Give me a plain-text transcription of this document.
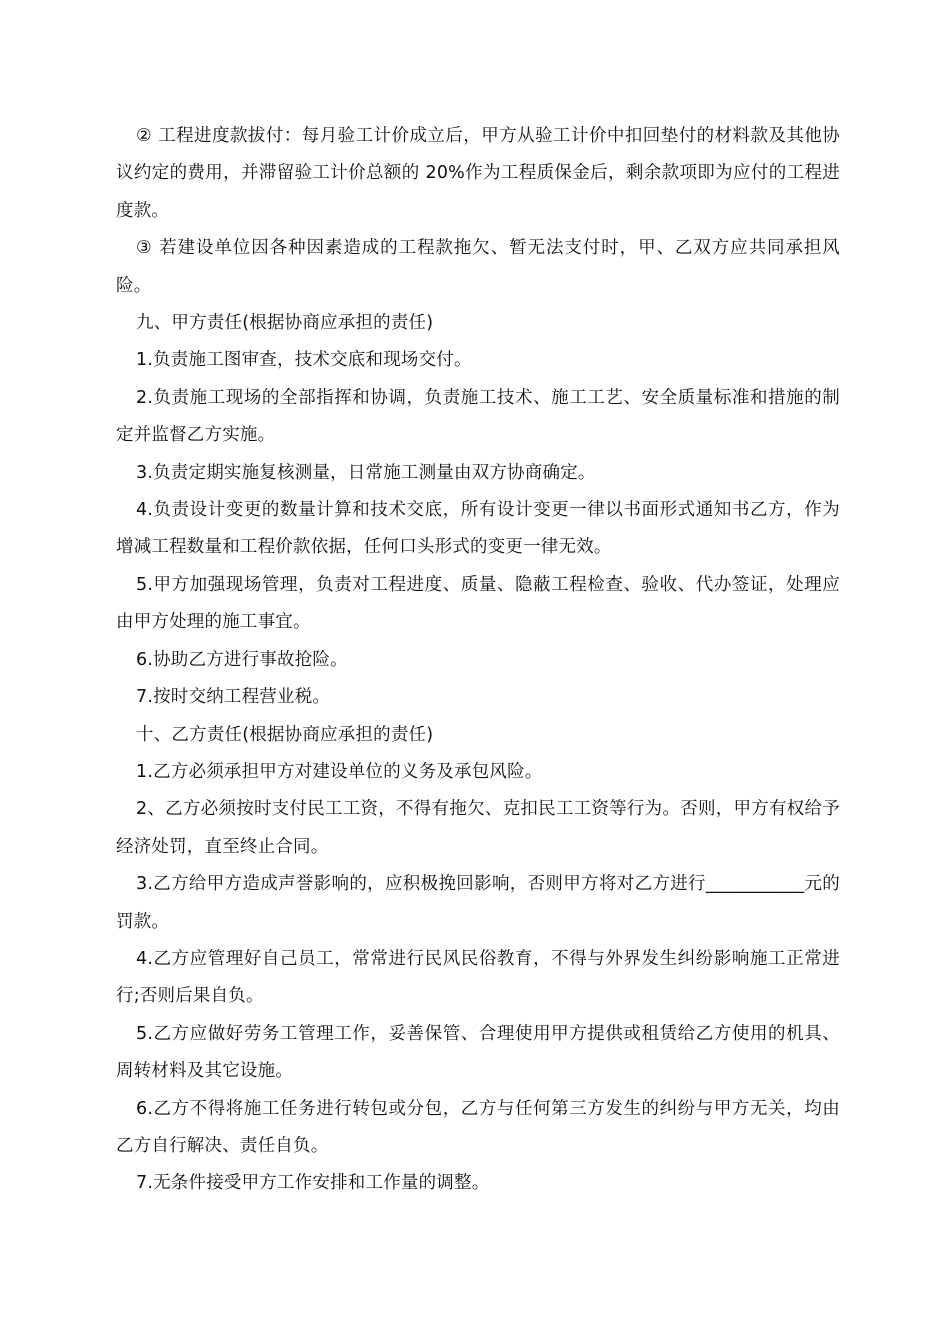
② 工程进度款拔付：每月验工计价成立后，甲方从验工计价中扣回垫付的材料款及其他协议约定的费用，并滞留验工计价总额的 20%作为工程质保金后，剩余款项即为应付的工程进度款。

③ 若建设单位因各种因素造成的工程款拖欠、暂无法支付时，甲、乙双方应共同承担风险。

九、甲方责任(根据协商应承担的责任)

1.负责施工图审查，技术交底和现场交付。

2.负责施工现场的全部指挥和协调，负责施工技术、施工工艺、安全质量标准和措施的制定并监督乙方实施。

3.负责定期实施复核测量，日常施工测量由双方协商确定。

4.负责设计变更的数量计算和技术交底，所有设计变更一律以书面形式通知书乙方，作为增减工程数量和工程价款依据，任何口头形式的变更一律无效。

5.甲方加强现场管理，负责对工程进度、质量、隐蔽工程检查、验收、代办签证，处理应由甲方处理的施工事宜。

6.协助乙方进行事故抢险。

7.按时交纳工程营业税。

十、乙方责任(根据协商应承担的责任)

1.乙方必须承担甲方对建设单位的义务及承包风险。

2、乙方必须按时支付民工工资，不得有拖欠、克扣民工工资等行为。否则，甲方有权给予经济处罚，直至终止合同。

3.乙方给甲方造成声誉影响的，应积极挽回影响，否则甲方将对乙方进行___________元的罚款。

4.乙方应管理好自己员工，常常进行民风民俗教育，不得与外界发生纠纷影响施工正常进行;否则后果自负。

5.乙方应做好劳务工管理工作，妥善保管、合理使用甲方提供或租赁给乙方使用的机具、周转材料及其它设施。

6.乙方不得将施工任务进行转包或分包，乙方与任何第三方发生的纠纷与甲方无关，均由乙方自行解决、责任自负。

7.无条件接受甲方工作安排和工作量的调整。
